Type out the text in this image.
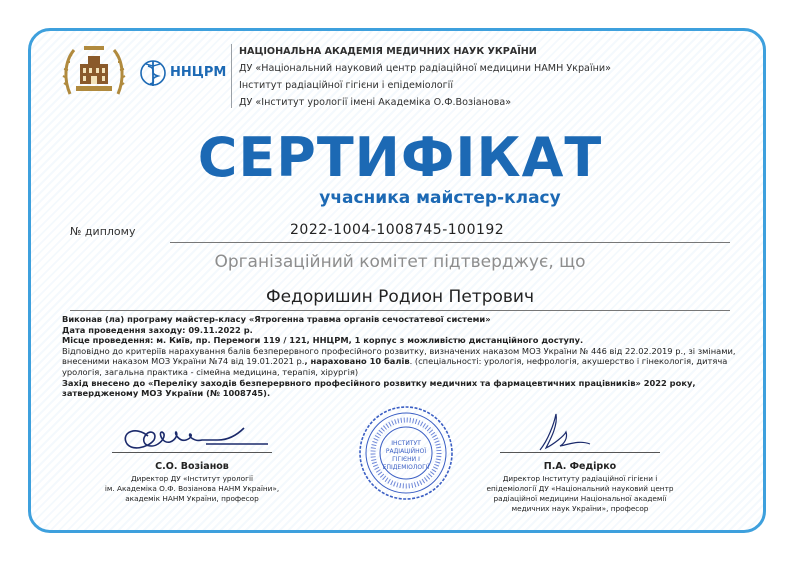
ННЦРМ
НАЦІОНАЛЬНА АКАДЕМІЯ МЕДИЧНИХ НАУК УКРАЇНИ
ДУ «Національний науковий центр радіаційної медицини НАМН України»
Інститут радіаційної гігієни і епідеміології
ДУ «Інститут урології імені Академіка О.Ф.Возіанова»
СЕРТИФІКАТ
учасника майстер-класу
№ диплому	2022-1004-1008745-100192
Організаційний комітет підтверджує, що
Федоришин Родион Петрович
Виконав (ла) програму майстер-класу «Ятрогенна травма органів сечостатевої системи»
Дата проведення заходу: 09.11.2022 р.
Місце проведення: м. Київ, пр. Перемоги 119 / 121, ННЦРМ, 1 корпус з можливістю дистанційного доступу.
Відповідно до критеріїв нарахування балів безперервного професійного розвитку, визначених наказом МОЗ України № 446 від 22.02.2019 р., зі змінами, внесеними наказом МОЗ України №74 від 19.01.2021 р., нараховано 10 балів. (спеціальності: урологія, нефрологія, акушерство і гінекологія, дитяча урологія, загальна практика - сімейна медицина, терапія, хірургія)
Захід внесено до «Переліку заходів безперервного професійного розвитку медичних та фармацевтичних працівників» 2022 року, затвердженому МОЗ України (№ 1008745).
С.О. Возіанов
Директор ДУ «Інститут урології
ім. Академіка О.Ф. Возіанова НАНМ України»,
академік НАНМ України, професор
ІНСТИТУТ
РАДІАЦІЙНОЇ
ГІГІЄНИ І
ЕПІДЕМІОЛОГІЇ	П.А. Федірко
Директор Інституту радіаційної гігієни і
епідеміології ДУ «Національний науковий центр
радіаційної медицини Національної академії
медичних наук України», професор
